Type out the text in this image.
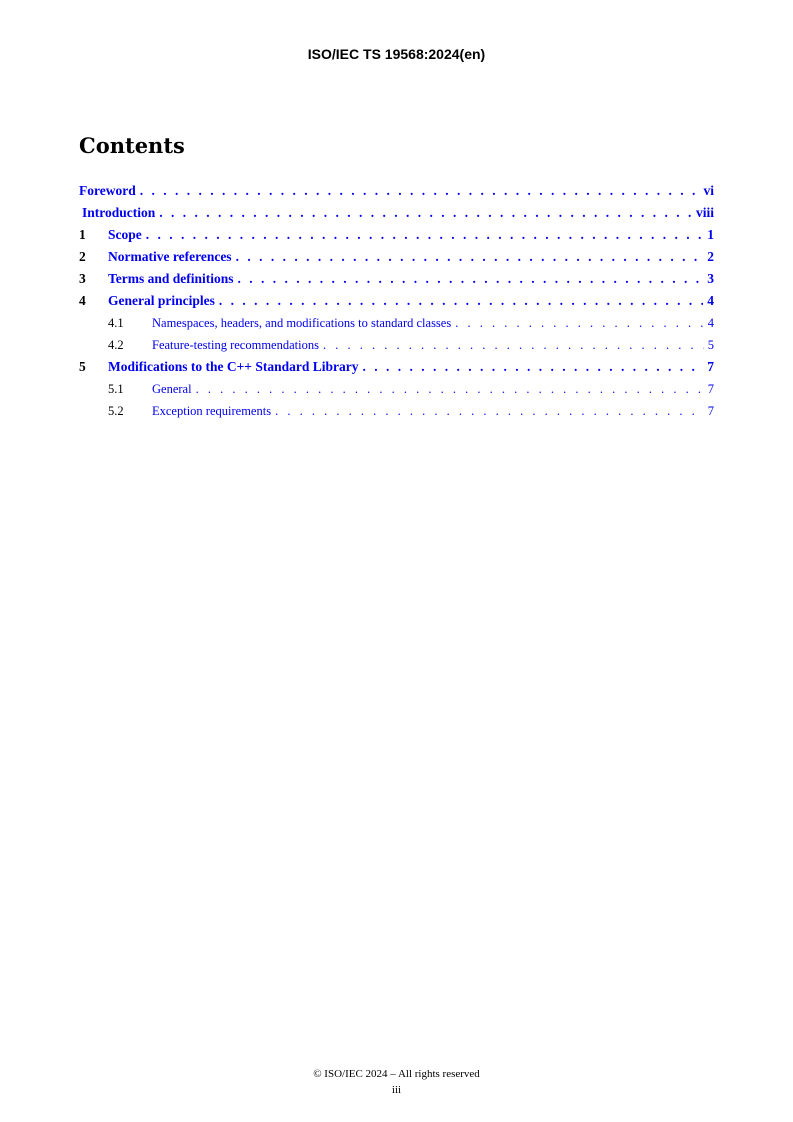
ISO/IEC TS 19568:2024(en)
Contents
Foreword . . .	vi
Introduction . . .	viii
1	Scope . . .	1
2	Normative references . . .	2
3	Terms and definitions . . .	3
4	General principles . . .	4
4.1	Namespaces, headers, and modifications to standard classes . . .	4
4.2	Feature-testing recommendations . . .	5
5	Modifications to the C++ Standard Library . . .	7
5.1	General . . .	7
5.2	Exception requirements . . .	7
© ISO/IEC 2024 – All rights reserved
iii
